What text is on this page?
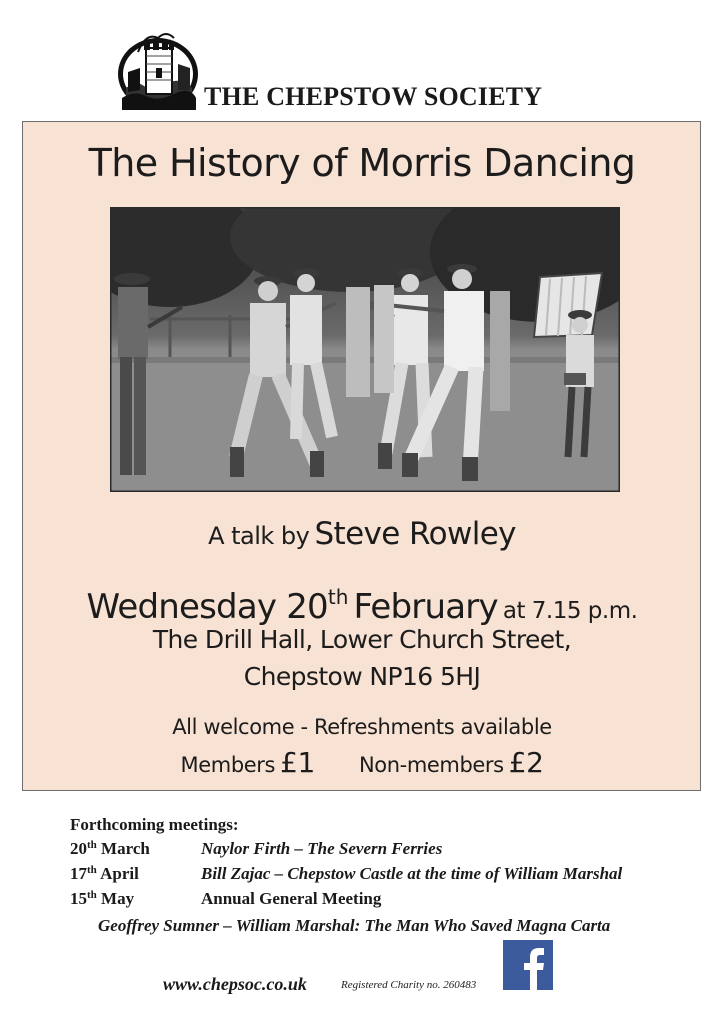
THE CHEPSTOW SOCIETY
The History of Morris Dancing
A talk by Steve Rowley
Wednesday 20th February at 7.15 p.m.
The Drill Hall, Lower Church Street,
Chepstow NP16 5HJ
All welcome - Refreshments available
Members £1 Non-members £2
Forthcoming meetings:
20th March	Naylor Firth – The Severn Ferries
17th April	Bill Zajac – Chepstow Castle at the time of William Marshal
15th May	Annual General Meeting
Geoffrey Sumner – William Marshal: The Man Who Saved Magna Carta
www.chepsoc.co.uk	Registered Charity no. 260483
